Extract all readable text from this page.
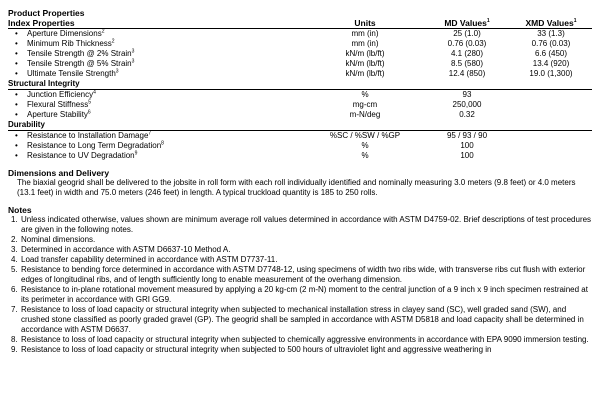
Product Properties
Index Properties	Units	MD Values$^1$	XMD Values$^1$
• Aperture Dimensions$^2$	mm (in)	25 (1.0)	33 (1.3)
• Minimum Rib Thickness$^2$	mm (in)	0.76 (0.03)	0.76 (0.03)
• Tensile Strength @ 2% Strain$^3$	kN/m (lb/ft)	4.1 (280)	6.6 (450)
• Tensile Strength @ 5% Strain$^3$	kN/m (lb/ft)	8.5 (580)	13.4 (920)
• Ultimate Tensile Strength$^3$	kN/m (lb/ft)	12.4 (850)	19.0 (1,300)
Structural Integrity			
• Junction Efficiency$^4$	%	93	
• Flexural Stiffness$^5$	mg-cm	250,000	
• Aperture Stability$^6$	m-N/deg	0.32	
Durability			
• Resistance to Installation Damage$^7$	%SC / %SW / %GP	95 / 93 / 90	
• Resistance to Long Term Degradation$^8$	%	100	
• Resistance to UV Degradation$^9$	%	100	
Dimensions and Delivery
The biaxial geogrid shall be delivered to the jobsite in roll form with each roll individually identified and nominally measuring 3.0 meters (9.8 feet) or 4.0 meters (13.1 feet) in width and 75.0 meters (246 feet) in length. A typical truckload quantity is 185 to 250 rolls.
Notes
1. Unless indicated otherwise, values shown are minimum average roll values determined in accordance with ASTM D4759-02. Brief descriptions of test procedures are given in the following notes.
2. Nominal dimensions.
3. Determined in accordance with ASTM D6637-10 Method A.
4. Load transfer capability determined in accordance with ASTM D7737-11.
5. Resistance to bending force determined in accordance with ASTM D7748-12, using specimens of width two ribs wide, with transverse ribs cut flush with exterior edges of longitudinal ribs, and of length sufficiently long to enable measurement of the overhang dimension.
6. Resistance to in-plane rotational movement measured by applying a 20 kg-cm (2 m-N) moment to the central junction of a 9 inch x 9 inch specimen restrained at its perimeter in accordance with GRI GG9.
7. Resistance to loss of load capacity or structural integrity when subjected to mechanical installation stress in clayey sand (SC), well graded sand (SW), and crushed stone classified as poorly graded gravel (GP). The geogrid shall be sampled in accordance with ASTM D5818 and load capacity shall be determined in accordance with ASTM D6637.
8. Resistance to loss of load capacity or structural integrity when subjected to chemically aggressive environments in accordance with EPA 9090 immersion testing.
9. Resistance to loss of load capacity or structural integrity when subjected to 500 hours of ultraviolet light and aggressive weathering in
